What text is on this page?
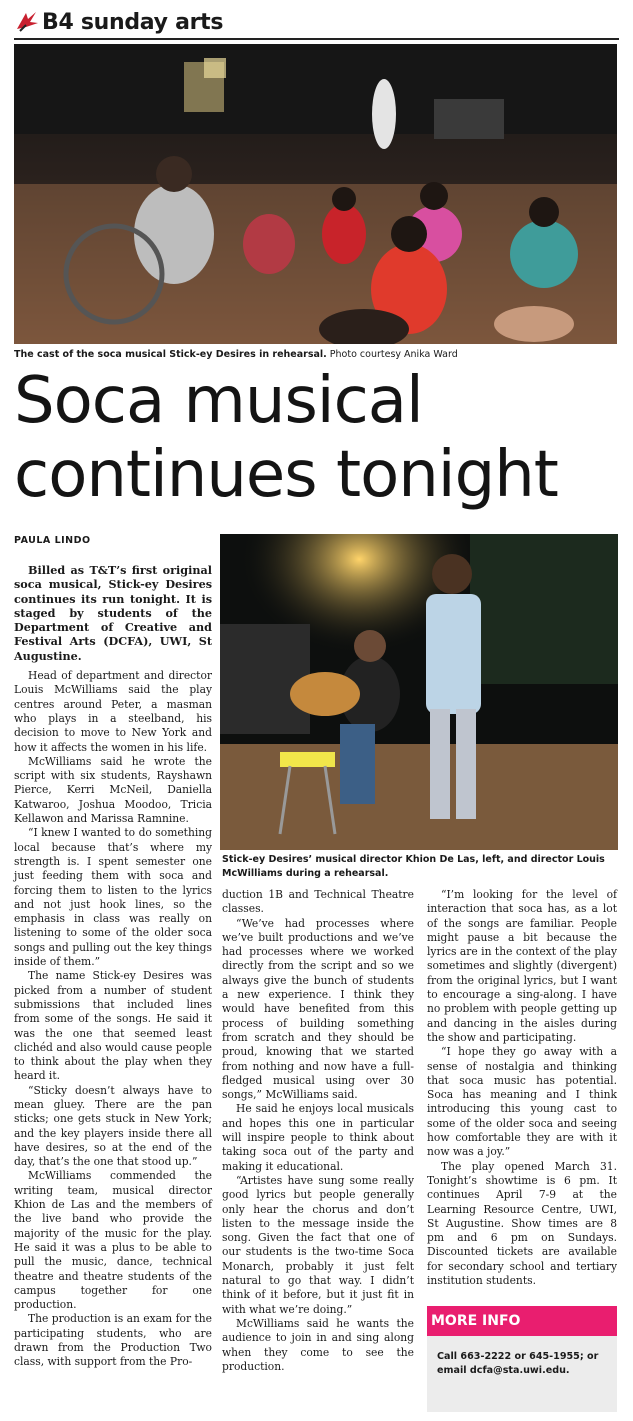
B4 sunday arts
The cast of the soca musical Stick-ey Desires in rehearsal. Photo courtesy Anika Ward
Soca musical
continues tonight
PAULA LINDO
Stick-ey Desires’ musical director Khion De Las, left, and director Louis McWilliams during a rehearsal.

Billed as T&T’s first original soca musical, Stick-ey Desires continues its run tonight. It is staged by students of the Department of Creative and Festival Arts (DCFA), UWI, St Augustine.

Head of department and director Louis McWilliams said the play centres around Peter, a masman who plays in a steelband, his decision to move to New York and how it affects the women in his life.

McWilliams said he wrote the script with six students, Rayshawn Pierce, Kerri McNeil, Daniella Katwaroo, Joshua Moodoo, Tricia Kellawon and Marissa Ramnine.

“I knew I wanted to do something local because that’s where my strength is. I spent semester one just feeding them with soca and forcing them to listen to the lyrics and not just hook lines, so the emphasis in class was really on listening to some of the older soca songs and pulling out the key things inside of them.”

The name Stick-ey Desires was picked from a number of student submissions that included lines from some of the songs. He said it was the one that seemed least clichéd and also would cause people to think about the play when they heard it.

“Sticky doesn’t always have to mean gluey. There are the pan sticks; one gets stuck in New York; and the key players inside there all have desires, so at the end of the day, that’s the one that stood up.”

McWilliams commended the writing team, musical director Khion de Las and the members of the live band who provide the majority of the music for the play. He said it was a plus to be able to pull the music, dance, technical theatre and theatre students of the campus together for one production.

The production is an exam for the participating students, who are drawn from the Production Two class, with support from the Pro-

duction 1B and Technical Theatre classes.

“We’ve had processes where we’ve built productions and we’ve had processes where we worked directly from the script and so we always give the bunch of students a new experience. I think they would have benefited from this process of building something from scratch and they should be proud, knowing that we started from nothing and now have a full-fledged musical using over 30 songs,” McWilliams said.

He said he enjoys local musicals and hopes this one in particular will inspire people to think about taking soca out of the party and making it educational.

“Artistes have sung some really good lyrics but people generally only hear the chorus and don’t listen to the message inside the song. Given the fact that one of our students is the two-time Soca Monarch, probably it just felt natural to go that way. I didn’t think of it before, but it just fit in with what we’re doing.”

McWilliams said he wants the audience to join in and sing along when they come to see the production.

“I’m looking for the level of interaction that soca has, as a lot of the songs are familiar. People might pause a bit because the lyrics are in the context of the play sometimes and slightly (divergent) from the original lyrics, but I want to encourage a sing-along. I have no problem with people getting up and dancing in the aisles during the show and participating.

“I hope they go away with a sense of nostalgia and thinking that soca music has potential. Soca has meaning and I think introducing this young cast to some of the older soca and seeing how comfortable they are with it now was a joy.”

The play opened March 31. Tonight’s showtime is 6 pm. It continues April 7-9 at the Learning Resource Centre, UWI, St Augustine. Show times are 8 pm and 6 pm on Sundays. Discounted tickets are available for secondary school and tertiary institution students.

MORE INFO
Call 663-2222 or 645-1955; or
email dcfa@sta.uwi.edu.
